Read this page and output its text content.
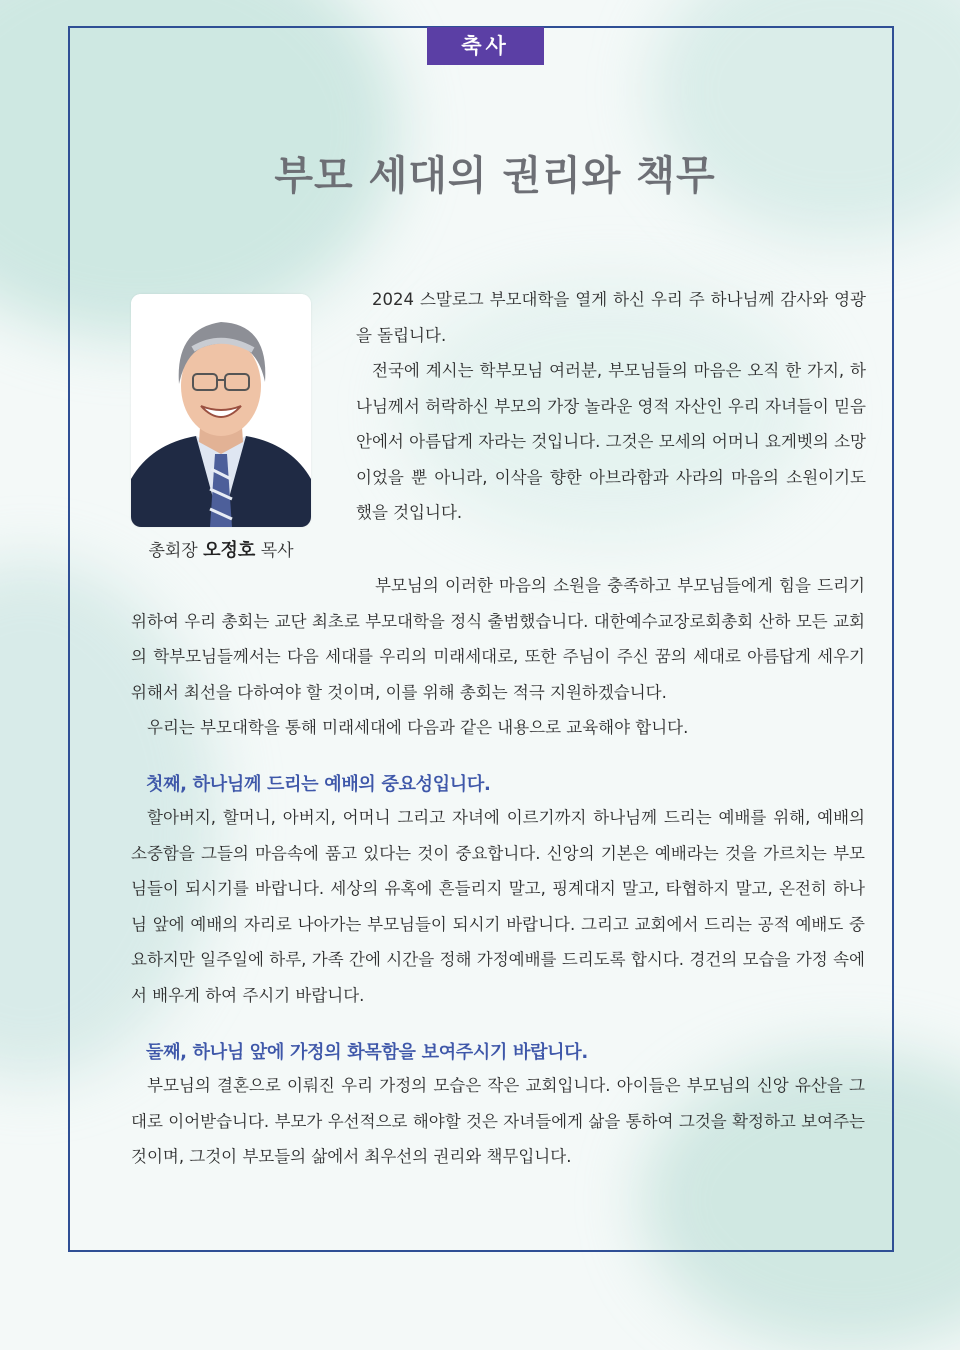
축사
부모 세대의 권리와 책무
총회장 오정호 목사
2024 스말로그 부모대학을 열게 하신 우리 주 하나님께 감사와 영광을 돌립니다.
전국에 계시는 학부모님 여러분, 부모님들의 마음은 오직 한 가지, 하나님께서 허락하신 부모의 가장 놀라운 영적 자산인 우리 자녀들이 믿음 안에서 아름답게 자라는 것입니다. 그것은 모세의 어머니 요게벳의 소망이었을 뿐 아니라, 이삭을 향한 아브라함과 사라의 마음의 소원이기도 했을 것입니다.
부모님의 이러한 마음의 소원을 충족하고 부모님들에게 힘을 드리기 위하여 우리 총회는 교단 최초로 부모대학을 정식 출범했습니다. 대한예수교장로회총회 산하 모든 교회의 학부모님들께서는 다음 세대를 우리의 미래세대로, 또한 주님이 주신 꿈의 세대로 아름답게 세우기 위해서 최선을 다하여야 할 것이며, 이를 위해 총회는 적극 지원하겠습니다.
우리는 부모대학을 통해 미래세대에 다음과 같은 내용으로 교육해야 합니다.
첫째, 하나님께 드리는 예배의 중요성입니다.
할아버지, 할머니, 아버지, 어머니 그리고 자녀에 이르기까지 하나님께 드리는 예배를 위해, 예배의 소중함을 그들의 마음속에 품고 있다는 것이 중요합니다. 신앙의 기본은 예배라는 것을 가르치는 부모님들이 되시기를 바랍니다. 세상의 유혹에 흔들리지 말고, 핑계대지 말고, 타협하지 말고, 온전히 하나님 앞에 예배의 자리로 나아가는 부모님들이 되시기 바랍니다. 그리고 교회에서 드리는 공적 예배도 중요하지만 일주일에 하루, 가족 간에 시간을 정해 가정예배를 드리도록 합시다. 경건의 모습을 가정 속에서 배우게 하여 주시기 바랍니다.
둘째, 하나님 앞에 가정의 화목함을 보여주시기 바랍니다.
부모님의 결혼으로 이뤄진 우리 가정의 모습은 작은 교회입니다. 아이들은 부모님의 신앙 유산을 그대로 이어받습니다. 부모가 우선적으로 해야할 것은 자녀들에게 삶을 통하여 그것을 확정하고 보여주는 것이며, 그것이 부모들의 삶에서 최우선의 권리와 책무입니다.
